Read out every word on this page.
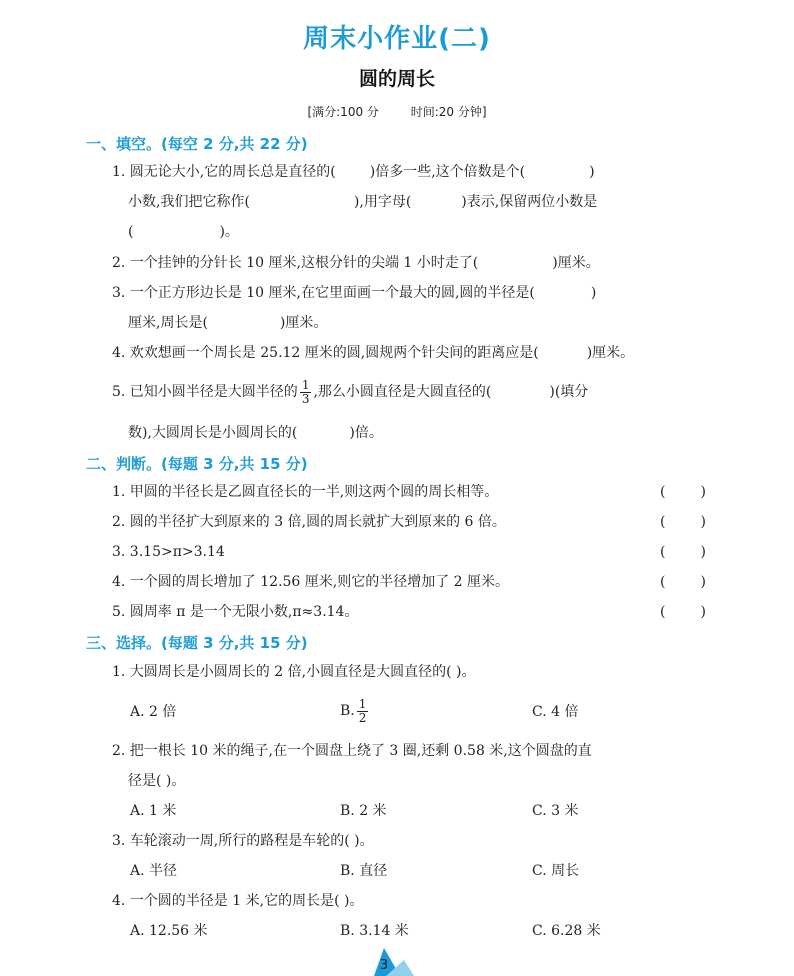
周末小作业(二)
圆的周长
[满分:100 分	时间:20 分钟]
一、填空。(每空 2 分,共 22 分)
1. 圆无论大小,它的周长总是直径的( )倍多一些,这个倍数是个(	)
小数,我们把它称作(	),用字母(	)表示,保留两位小数是
(	)。
2. 一个挂钟的分针长 10 厘米,这根分针的尖端 1 小时走了(	)厘米。
3. 一个正方形边长是 10 厘米,在它里面画一个最大的圆,圆的半径是(	)
厘米,周长是(	)厘米。
4. 欢欢想画一个周长是 25.12 厘米的圆,圆规两个针尖间的距离应是(	)厘米。
5. 已知小圆半径是大圆半径的 $\frac{1}{3}$ ,那么小圆直径是大圆直径的(	)(填分
数),大圆周长是小圆周长的(	)倍。
二、判断。(每题 3 分,共 15 分)
1. 甲圆的半径长是乙圆直径长的一半,则这两个圆的周长相等。	(	)
2. 圆的半径扩大到原来的 3 倍,圆的周长就扩大到原来的 6 倍。	(	)
3. 3.15>π>3.14	(	)
4. 一个圆的周长增加了 12.56 厘米,则它的半径增加了 2 厘米。	(	)
5. 圆周率 π 是一个无限小数,π≈3.14。	(	)
三、选择。(每题 3 分,共 15 分)
1. 大圆周长是小圆周长的 2 倍,小圆直径是大圆直径的( )。
A. 2 倍	B. $\frac{1}{2}$	C. 4 倍
2. 把一根长 10 米的绳子,在一个圆盘上绕了 3 圈,还剩 0.58 米,这个圆盘的直
径是( )。
A. 1 米	B. 2 米	C. 3 米
3. 车轮滚动一周,所行的路程是车轮的( )。
A. 半径	B. 直径	C. 周长
4. 一个圆的半径是 1 米,它的周长是( )。
A. 12.56 米	B. 3.14 米	C. 6.28 米
3
